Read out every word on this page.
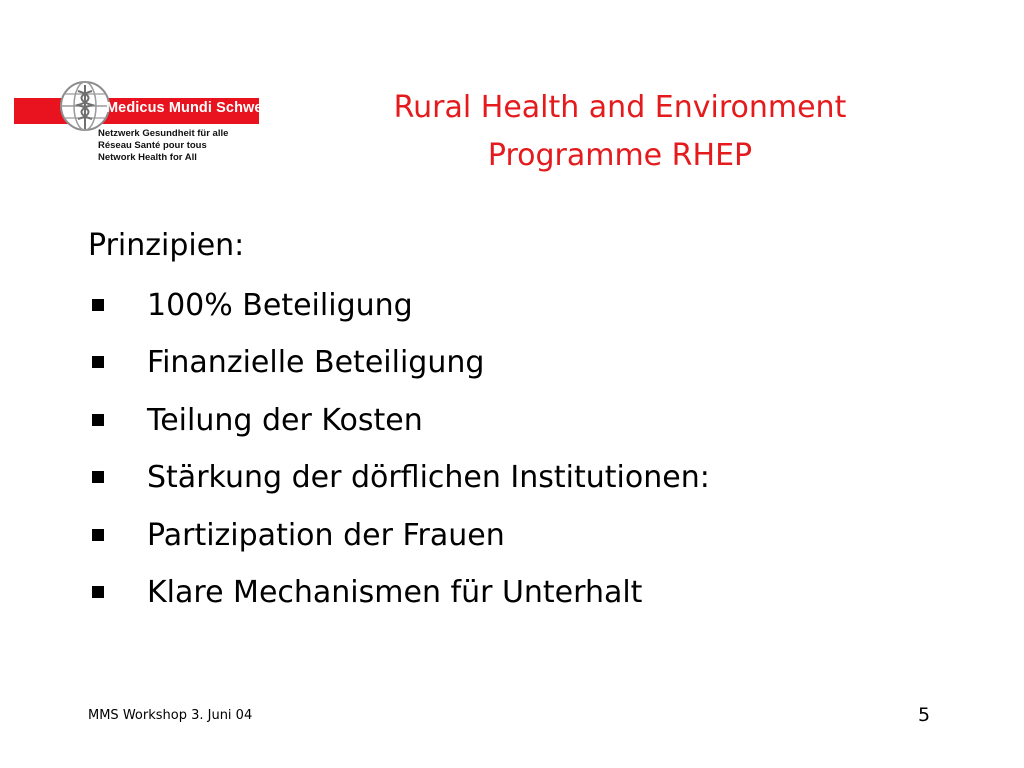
Medicus Mundi Schweiz
Netzwerk Gesundheit für alle
Réseau Santé pour tous
Network Health for All
Rural Health and Environment
Programme RHEP
Prinzipien:
100% Beteiligung
Finanzielle Beteiligung
Teilung der Kosten
Stärkung der dörflichen Institutionen:
Partizipation der Frauen
Klare Mechanismen für Unterhalt
MMS Workshop 3. Juni 04	5
